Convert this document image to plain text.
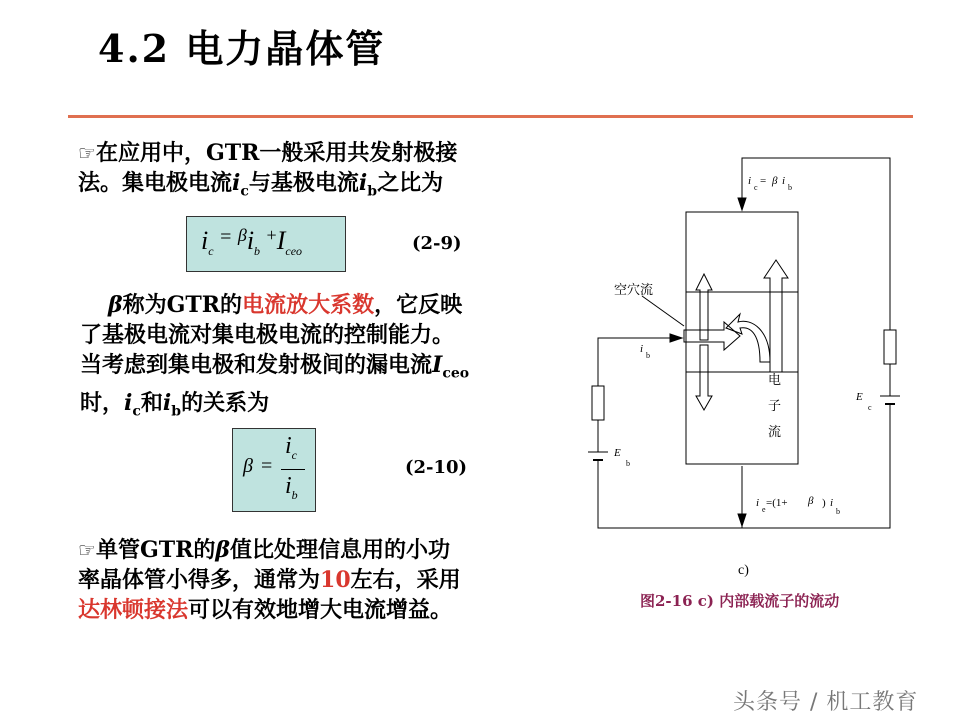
4.2 电力晶体管
☞在应用中，GTR一般采用共发射极接
法。集电极电流$i_c$与基极电流$i_b$之比为
$i_c$ = $^\beta i_b$ $^+I_{ceo}$	(2-9)
β称为GTR的电流放大系数，它反映
了基极电流对集电极电流的控制能力。
当考虑到集电极和发射极间的漏电流$I_{ceo}$
时，$i_c$和$i_b$的关系为
β =
$i_c$
$i_b$
(2-10)
☞单管GTR的β值比处理信息用的小功
率晶体管小得多，通常为10左右，采用
达林顿接法可以有效地增大电流增益。
i
c
= β i
b
空穴流
i
b
电
子
流
E
c
E
b
i
e
=(1+ β ) i
b
c)
图2-16 c) 内部载流子的流动
头条号 / 机工教育
